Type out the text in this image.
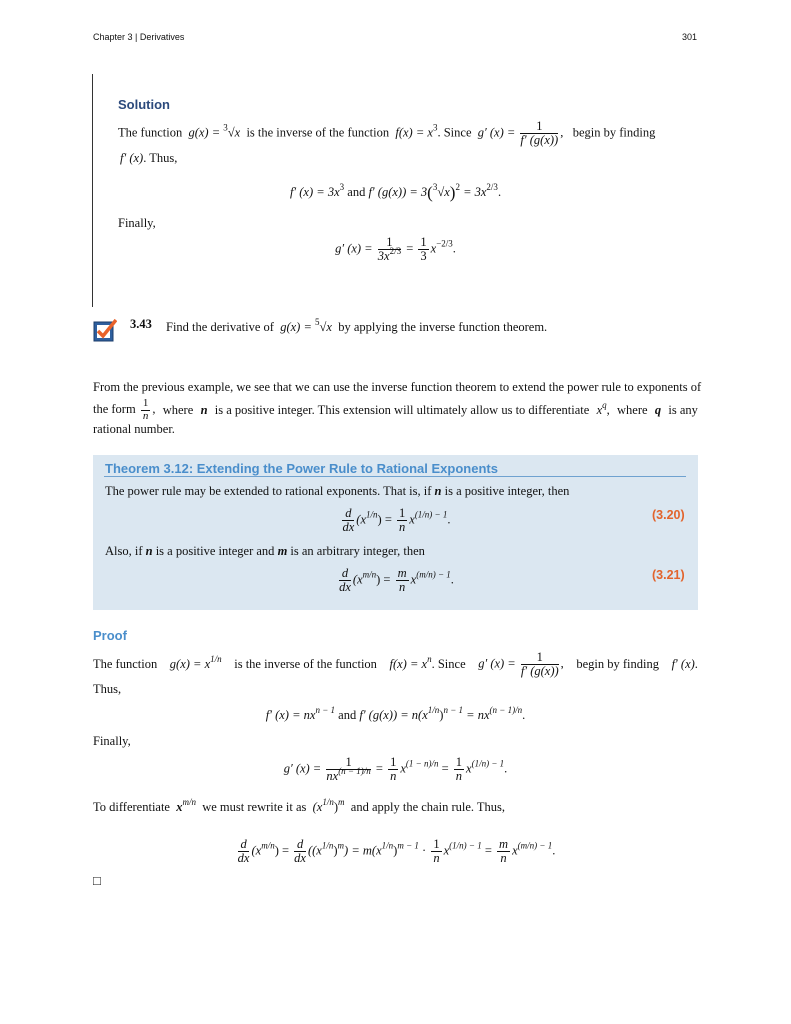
Chapter 3 | Derivatives	301
Solution
The function g(x) = $^3$√x is the inverse of the function $f(x) = x^3$. Since g′ $(x) = \frac{1}{f' (g(x))}$ , begin by finding
f′ (x). Thus,
f′ $(x) = 3x^3$ and f′ $(g(x)) = 3(^3√x)^2 = 3x^{2/3}$.
Finally,
g′ $(x) = \frac{1}{3x^{2/3}} = \frac{1}{3} x^{-2/3}$.
3.43 Find the derivative of g(x) = $^5$√x by applying the inverse function theorem.
From the previous example, we see that we can use the inverse function theorem to extend the power rule to exponents of
the form $\frac{1}{n}$ , where n is a positive integer. This extension will ultimately allow us to differentiate $x^q$, where q is any
rational number.
Theorem 3.12: Extending the Power Rule to Rational Exponents
The power rule may be extended to rational exponents. That is, if n is a positive integer, then
$\frac{d}{dx} (x^{1/n}) = \frac{1}{n} x^{(1/n) - 1}$.	(3.20)
Also, if n is a positive integer and m is an arbitrary integer, then
$\frac{d}{dx} (x^{m/n}) = \frac{m}{n} x^{(m/n) - 1}$.	(3.21)
Proof
The function $g(x) = x^{1/n}$ is the inverse of the function $f(x) = x^n$. Since g′ $(x) = \frac{1}{f' (g(x))}$ , begin by finding f′ (x).
Thus,
f′ $(x) = nx^{n - 1}$ and f′ $(g(x)) = n(x^{1/n})^{n - 1} = nx^{(n - 1)/n}$.
Finally,
g′ $(x) = \frac{1}{nx^{(n - 1)/n}} = \frac{1}{n} x^{(1 - n)/n} = \frac{1}{n} x^{(1/n) - 1}$.
To differentiate $x^{m/n}$ we must rewrite it as $(x^{1/n})^m$ and apply the chain rule. Thus,
$\frac{d}{dx} (x^{m/n}) = \frac{d}{dx} ((x^{1/n})^m) = m(x^{1/n})^{m - 1} \cdot \frac{1}{n} x^{(1/n) - 1} = \frac{m}{n} x^{(m/n) - 1}$.
□
